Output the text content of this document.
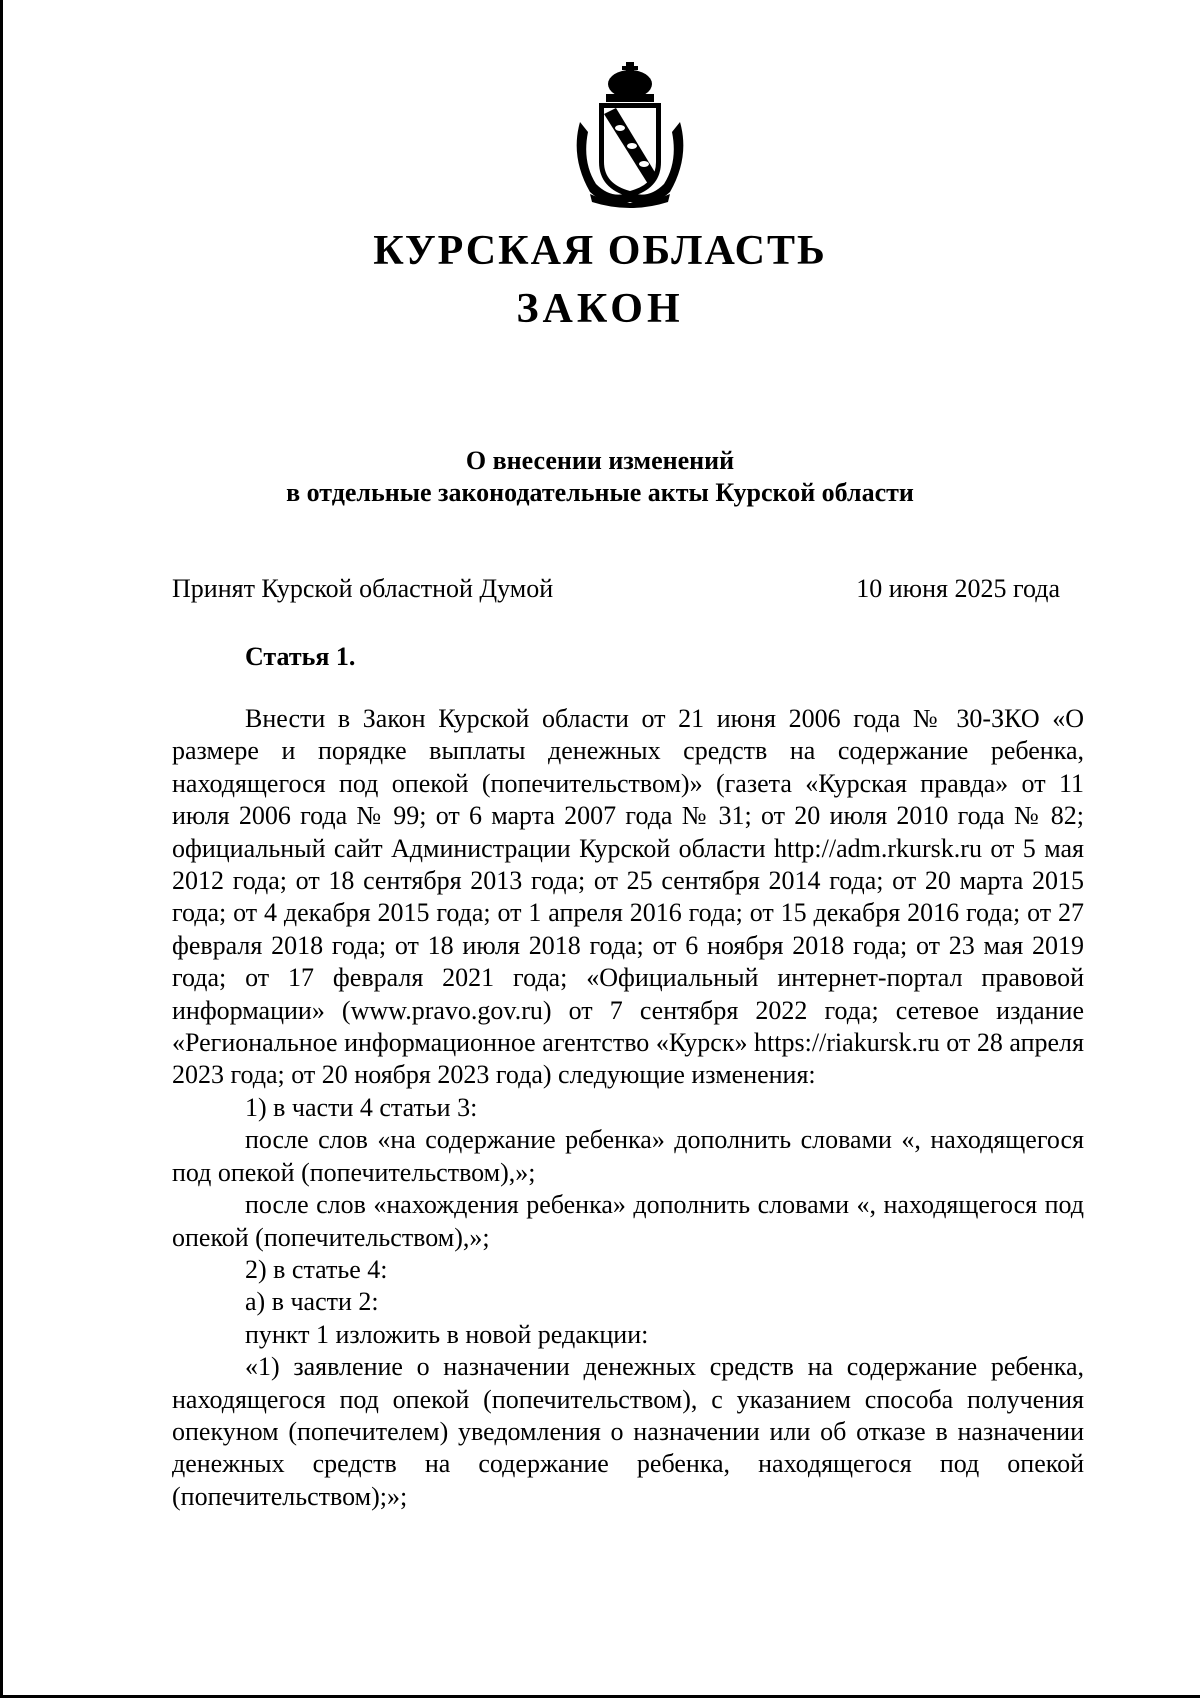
КУРСКАЯ ОБЛАСТЬ
ЗАКОН
О внесении изменений
в отдельные законодательные акты Курской области
Принят Курской областной Думой	10 июня 2025 года
Статья 1.

Внести в Закон Курской области от 21 июня 2006 года № 30-ЗКО «О размере и порядке выплаты денежных средств на содержание ребенка, находящегося под опекой (попечительством)» (газета «Курская правда» от 11 июля 2006 года № 99; от 6 марта 2007 года № 31; от 20 июля 2010 года № 82; официальный сайт Администрации Курской области http://adm.rkursk.ru от 5 мая 2012 года; от 18 сентября 2013 года; от 25 сентября 2014 года; от 20 марта 2015 года; от 4 декабря 2015 года; от 1 апреля 2016 года; от 15 декабря 2016 года; от 27 февраля 2018 года; от 18 июля 2018 года; от 6 ноября 2018 года; от 23 мая 2019 года; от 17 февраля 2021 года; «Официальный интернет-портал правовой информации» (www.pravo.gov.ru) от 7 сентября 2022 года; сетевое издание «Региональное информационное агентство «Курск» https://riakursk.ru от 28 апреля 2023 года; от 20 ноября 2023 года) следующие изменения:

1) в части 4 статьи 3:

после слов «на содержание ребенка» дополнить словами «, находящегося под опекой (попечительством),»;

после слов «нахождения ребенка» дополнить словами «, находящегося под опекой (попечительством),»;

2) в статье 4:

а) в части 2:

пункт 1 изложить в новой редакции:

«1) заявление о назначении денежных средств на содержание ребенка, находящегося под опекой (попечительством), с указанием способа получения опекуном (попечителем) уведомления о назначении или об отказе в назначении денежных средств на содержание ребенка, находящегося под опекой (попечительством);»;
